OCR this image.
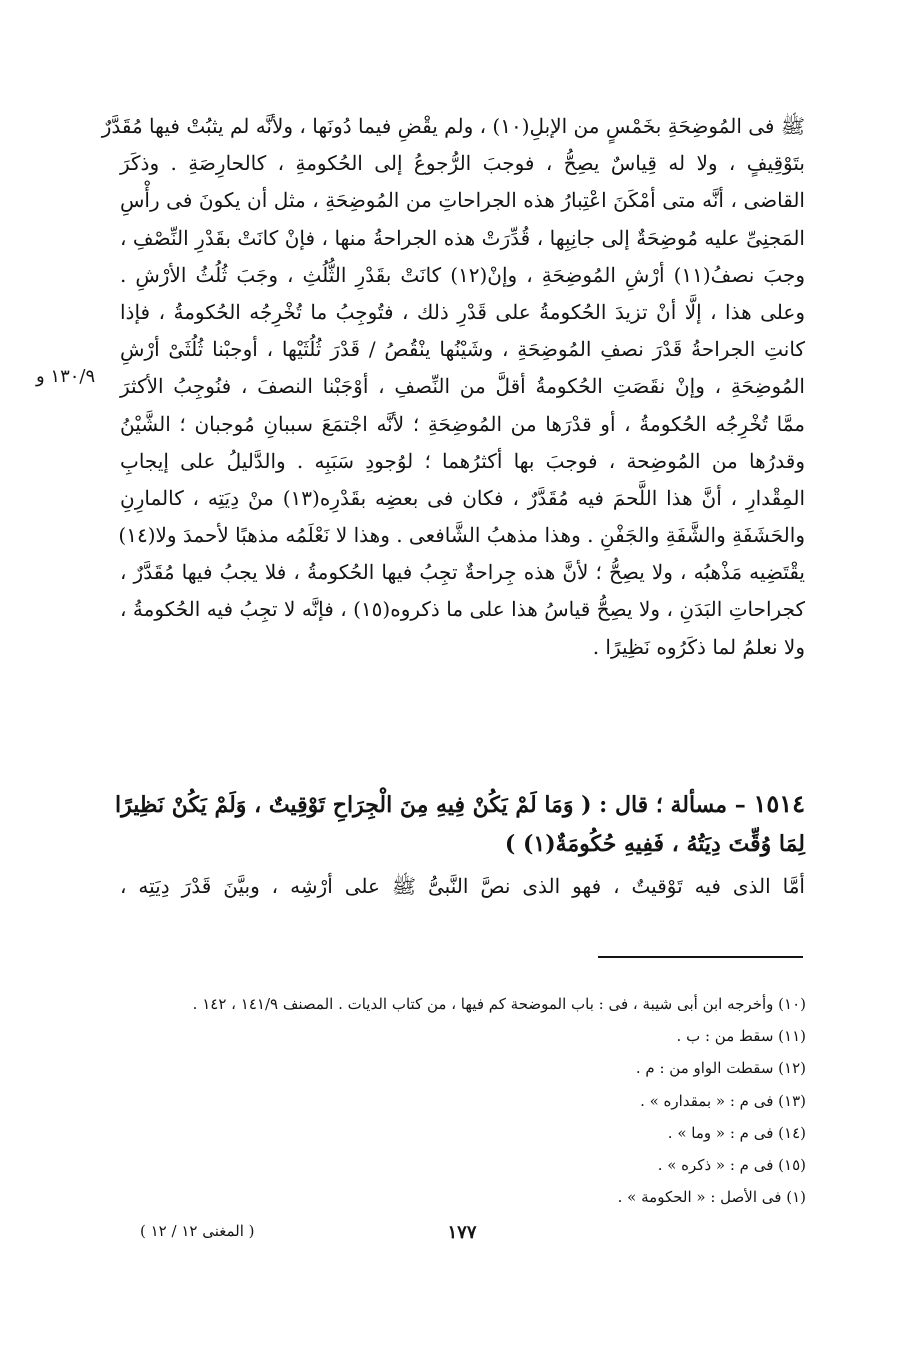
ﷺ فى المُوضِحَةِ بخَمْسٍ من الإبلِ(١٠) ، ولم يقْضِ فيما دُونَها ، ولأنَّه لم يثبُتْ فيها مُقَدَّرٌ
بتَوْقِيفٍ ، ولا له قِياسٌ يصِحُّ ، فوجبَ الرُّجوعُ إلى الحُكومةِ ، كالحارِصَةِ . وذكَرَ
القاضى ، أنَّه متى أمْكَنَ اعْتِبارُ هذه الجراحاتِ من المُوضِحَةِ ، مثل أن يكونَ فى رأْسِ
المَجنِىِّ عليه مُوضِحَةٌ إلى جانِبِها ، قُدِّرَتْ هذه الجراحةُ منها ، فإنْ كانَتْ بقَدْرِ النِّصْفِ ،
وجبَ نصفُ(١١) أرْشِ المُوضِحَةِ ، وإنْ(١٢) كانَتْ بقَدْرِ الثُّلُثِ ، وجَبَ ثُلُثُ الأرْشِ .
وعلى هذا ، إلَّا أنْ تزيدَ الحُكومةُ على قَدْرِ ذلك ، فتُوجِبُ ما تُخْرِجُه الحُكومةُ ، فإذا
كانتِ الجراحةُ قَدْرَ نصفِ المُوضِحَةِ ، وشَيْنُها ينْقُصُ / قَدْرَ ثُلُثَيْها ، أوجبْنا ثُلُثَىْ أرْشِ
المُوضِحَةِ ، وإنْ نقَصَتِ الحُكومةُ أقلَّ من النِّصفِ ، أوْجَبْنا النصفَ ، فنُوجِبُ الأكثرَ
ممَّا تُخْرِجُه الحُكومةُ ، أو قدْرَها من المُوضِحَةِ ؛ لأنَّه اجْتمَعَ سببانِ مُوجبان ؛ الشَّيْنُ
وقدرُها من المُوضِحة ، فوجبَ بها أكثرُهما ؛ لوُجودِ سَبَبِه . والدَّليلُ على إيجابِ
المِقْدارِ ، أنَّ هذا اللَّحمَ فيه مُقَدَّرٌ ، فكان فى بعضِه بقَدْرِه(١٣) منْ دِيَتِه ، كالمارِنِ
والحَشَفَةِ والشَّفَةِ والجَفْنِ . وهذا مذهبُ الشَّافعى . وهذا لا نَعْلَمُه مذهبًا لأحمدَ ولا(١٤)
يقْتَضِيه مَذْهبُه ، ولا يصِحُّ ؛ لأنَّ هذه جِراحةٌ تجِبُ فيها الحُكومةُ ، فلا يجبُ فيها مُقَدَّرٌ ،
كجراحاتِ البَدَنِ ، ولا يصِحُّ قياسُ هذا على ما ذكروه(١٥) ، فإنَّه لا تجِبُ فيه الحُكومةُ ،
ولا نعلمُ لما ذكَرُوه نَظِيرًا .
١٣٠/٩ و
١٥١٤ – مسألة ؛ قال : ( وَمَا لَمْ يَكُنْ فِيهِ مِنَ الْجِرَاحِ تَوْقِيتٌ ، وَلَمْ يَكُنْ نَظِيرًا
لِمَا وُقِّتَ دِيَتُهُ ، فَفِيهِ حُكُومَةٌ(١) )
أمَّا الذى فيه تَوْقيتٌ ، فهو الذى نصَّ النَّبىُّ ﷺ على أرْشِه ، وبيَّنَ قَدْرَ دِيَتِه ،
(١٠) وأخرجه ابن أبى شيبة ، فى : باب الموضحة كم فيها ، من كتاب الديات . المصنف ١٤١/٩ ، ١٤٢ .
(١١) سقط من : ب .
(١٢) سقطت الواو من : م .
(١٣) فى م : « بمقداره » .
(١٤) فى م : « وما » .
(١٥) فى م : « ذكره » .
(١) فى الأصل : « الحكومة » .
١٧٧
( المغنى ١٢ / ١٢ )
